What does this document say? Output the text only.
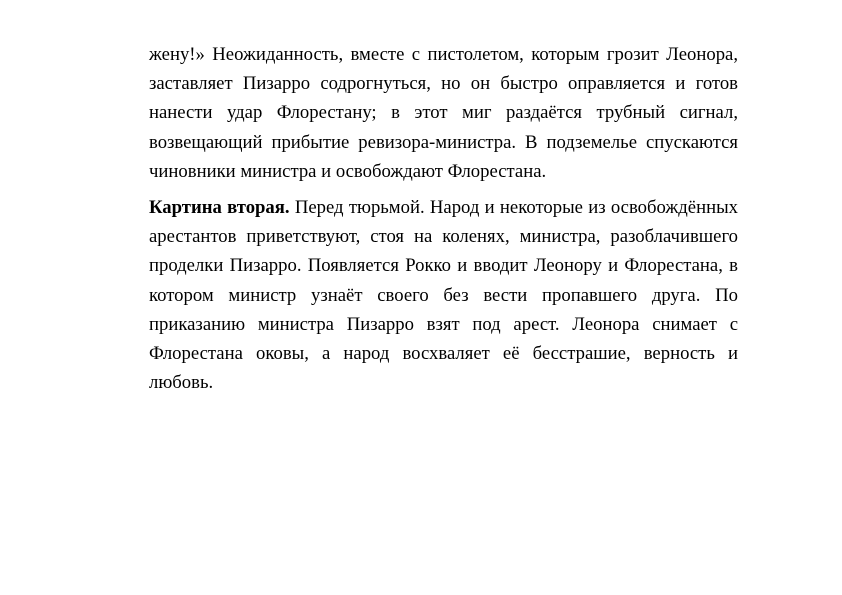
жену!» Неожиданность, вместе с пистолетом, которым грозит Леонора, заставляет Пизарро содрогнуться, но он быстро оправляется и готов нанести удар Флорестану; в этот миг раздаётся трубный сигнал, возвещающий прибытие ревизора-министра. В подземелье спускаются чиновники министра и освобождают Флорестана.

Картина вторая. Перед тюрьмой. Народ и некоторые из освобождённых арестантов приветствуют, стоя на коленях, министра, разоблачившего проделки Пизарро. Появляется Рокко и вводит Леонору и Флорестана, в котором министр узнаёт своего без вести пропавшего друга. По приказанию министра Пизарро взят под арест. Леонора снимает с Флорестана оковы, а народ восхваляет её бесстрашие, верность и любовь.
